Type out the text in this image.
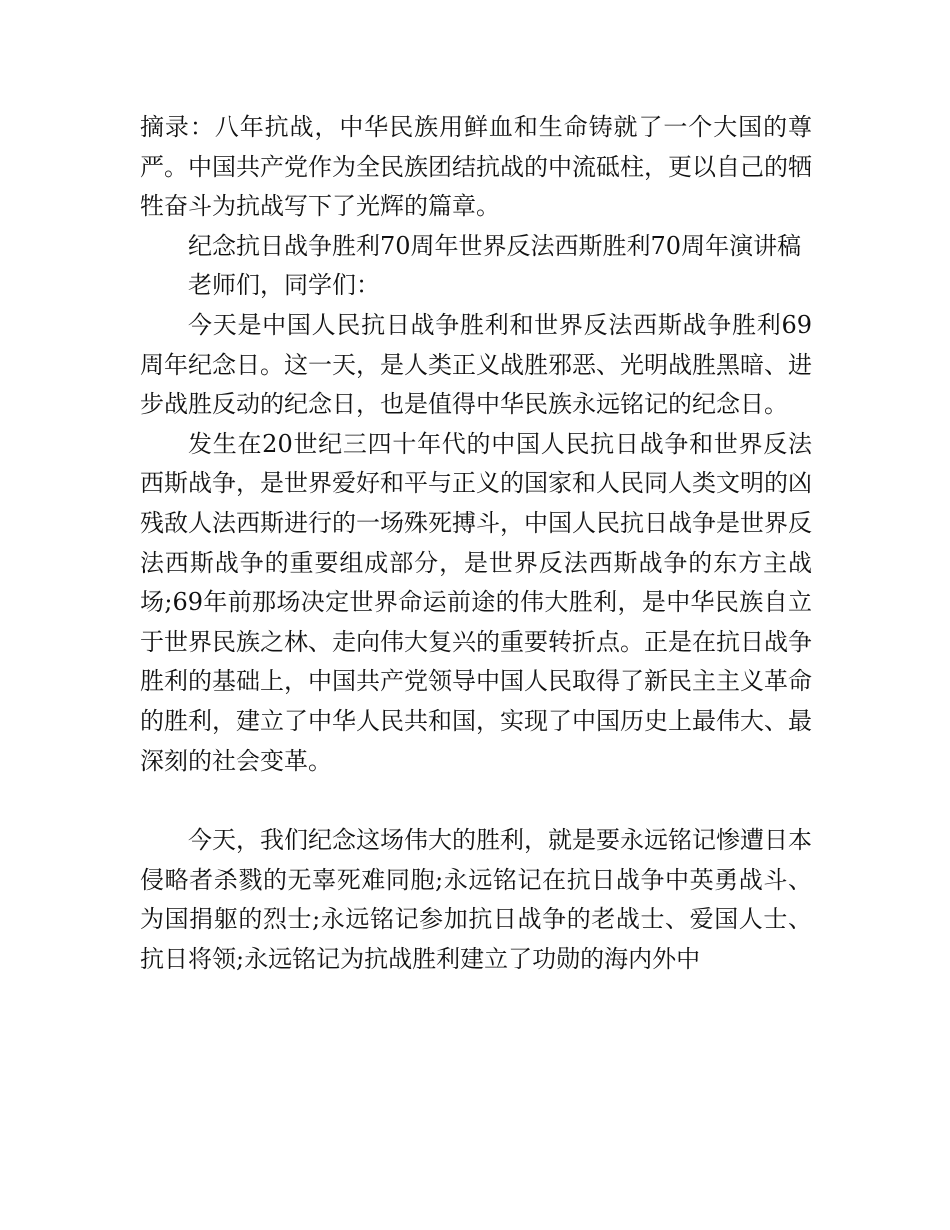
摘录：八年抗战，中华民族用鲜血和生命铸就了一个大国的尊严。中国共产党作为全民族团结抗战的中流砥柱，更以自己的牺牲奋斗为抗战写下了光辉的篇章。

纪念抗日战争胜利70周年世界反法西斯胜利70周年演讲稿

老师们，同学们：

今天是中国人民抗日战争胜利和世界反法西斯战争胜利69周年纪念日。这一天，是人类正义战胜邪恶、光明战胜黑暗、进步战胜反动的纪念日，也是值得中华民族永远铭记的纪念日。

发生在20世纪三四十年代的中国人民抗日战争和世界反法西斯战争，是世界爱好和平与正义的国家和人民同人类文明的凶残敌人法西斯进行的一场殊死搏斗，中国人民抗日战争是世界反法西斯战争的重要组成部分，是世界反法西斯战争的东方主战场;69年前那场决定世界命运前途的伟大胜利，是中华民族自立于世界民族之林、走向伟大复兴的重要转折点。正是在抗日战争胜利的基础上，中国共产党领导中国人民取得了新民主主义革命的胜利，建立了中华人民共和国，实现了中国历史上最伟大、最深刻的社会变革。

今天，我们纪念这场伟大的胜利，就是要永远铭记惨遭日本侵略者杀戮的无辜死难同胞;永远铭记在抗日战争中英勇战斗、为国捐躯的烈士;永远铭记参加抗日战争的老战士、爱国人士、抗日将领;永远铭记为抗战胜利建立了功勋的海内外中
